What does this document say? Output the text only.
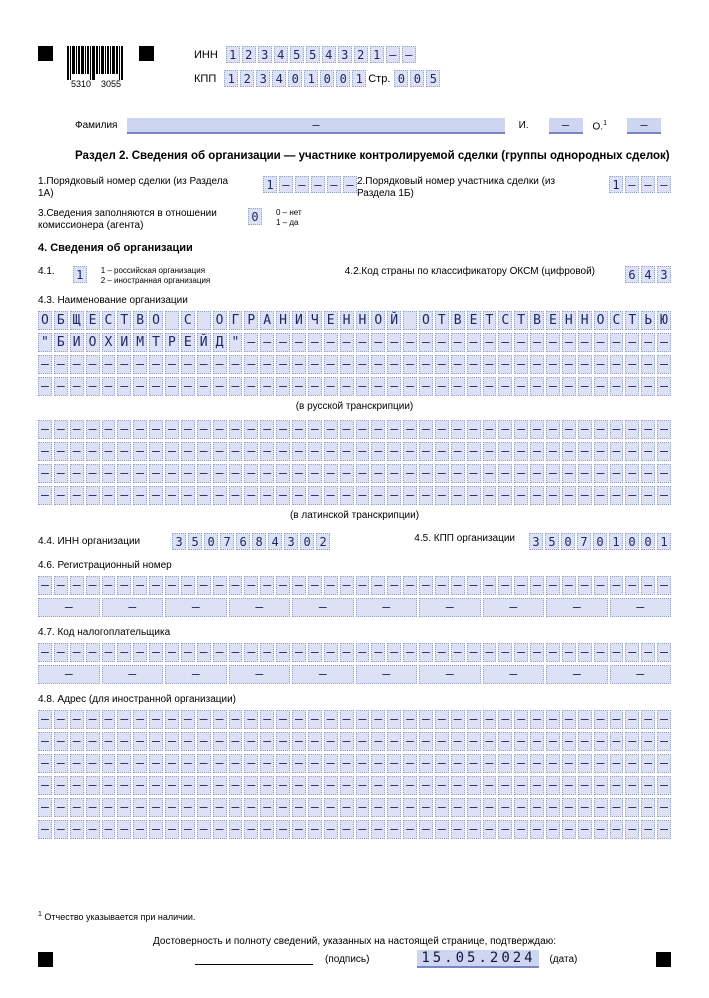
5310 3055
ИНН 1 2 3 4 5 5 4 3 2 1 – –
КПП 1 2 3 4 0 1 0 0 1 Стр. 0 0 5
Фамилия	–	И.	–	О.$^1$	–
Раздел 2. Сведения об организации — участнике контролируемой сделки (группы однородных сделок)
1.Порядковый номер сделки (из Раздела 1А)
1 – – – – – 2.Порядковый номер участника сделки (из Раздела 1Б)
1 – – –
3.Сведения заполняются в отношении
комиссионера (агента)
0	0 – нет
1 – да
4. Сведения об организации
4.1. 1	1 – российская организация
2 – иностранная организация
4.2.Код страны по классификатору ОКСМ (цифровой)	6 4 3
4.3. Наименование организации
О Б Щ Е С Т В О С О Г Р А Н И Ч Е Н Н О Й О Т В Е Т С Т В Е Н Н О С Т Ь Ю
" Б И О Х И М Т Р Е Й Д " – – – – – – – – – – – – – – – – – – – – – – – – – – –
– – – – – – – – – – – – – – – – – – – – – – – – – – – – – – – – – – – – – – – –
– – – – – – – – – – – – – – – – – – – – – – – – – – – – – – – – – – – – – – – –
(в русской транскрипции)
– – – – – – – – – – – – – – – – – – – – – – – – – – – – – – – – – – – – – – – –
– – – – – – – – – – – – – – – – – – – – – – – – – – – – – – – – – – – – – – – –
– – – – – – – – – – – – – – – – – – – – – – – – – – – – – – – – – – – – – – – –
– – – – – – – – – – – – – – – – – – – – – – – – – – – – – – – – – – – – – – – –
(в латинской транскрипции)
4.4. ИНН организации	3 5 0 7 6 8 4 3 0 2	4.5. КПП организации 3 5 0 7 0 1 0 0 1
4.6. Регистрационный номер
– – – – – – – – – – – – – – – – – – – – – – – – – – – – – – – – – – – – – – – –
–	–	–	–	–	–	–	–	–	–
4.7. Код налогоплательщика
– – – – – – – – – – – – – – – – – – – – – – – – – – – – – – – – – – – – – – – –
–	–	–	–	–	–	–	–	–	–
4.8. Адрес (для иностранной организации)
– – – – – – – – – – – – – – – – – – – – – – – – – – – – – – – – – – – – – – – –
– – – – – – – – – – – – – – – – – – – – – – – – – – – – – – – – – – – – – – – –
– – – – – – – – – – – – – – – – – – – – – – – – – – – – – – – – – – – – – – – –
– – – – – – – – – – – – – – – – – – – – – – – – – – – – – – – – – – – – – – – –
– – – – – – – – – – – – – – – – – – – – – – – – – – – – – – – – – – – – – – – –
– – – – – – – – – – – – – – – – – – – – – – – – – – – – – – – – – – – – – – – –
$^1$ Отчество указывается при наличии.
Достоверность и полноту сведений, указанных на настоящей странице, подтверждаю:
(подпись)	15.05.2024	(дата)
